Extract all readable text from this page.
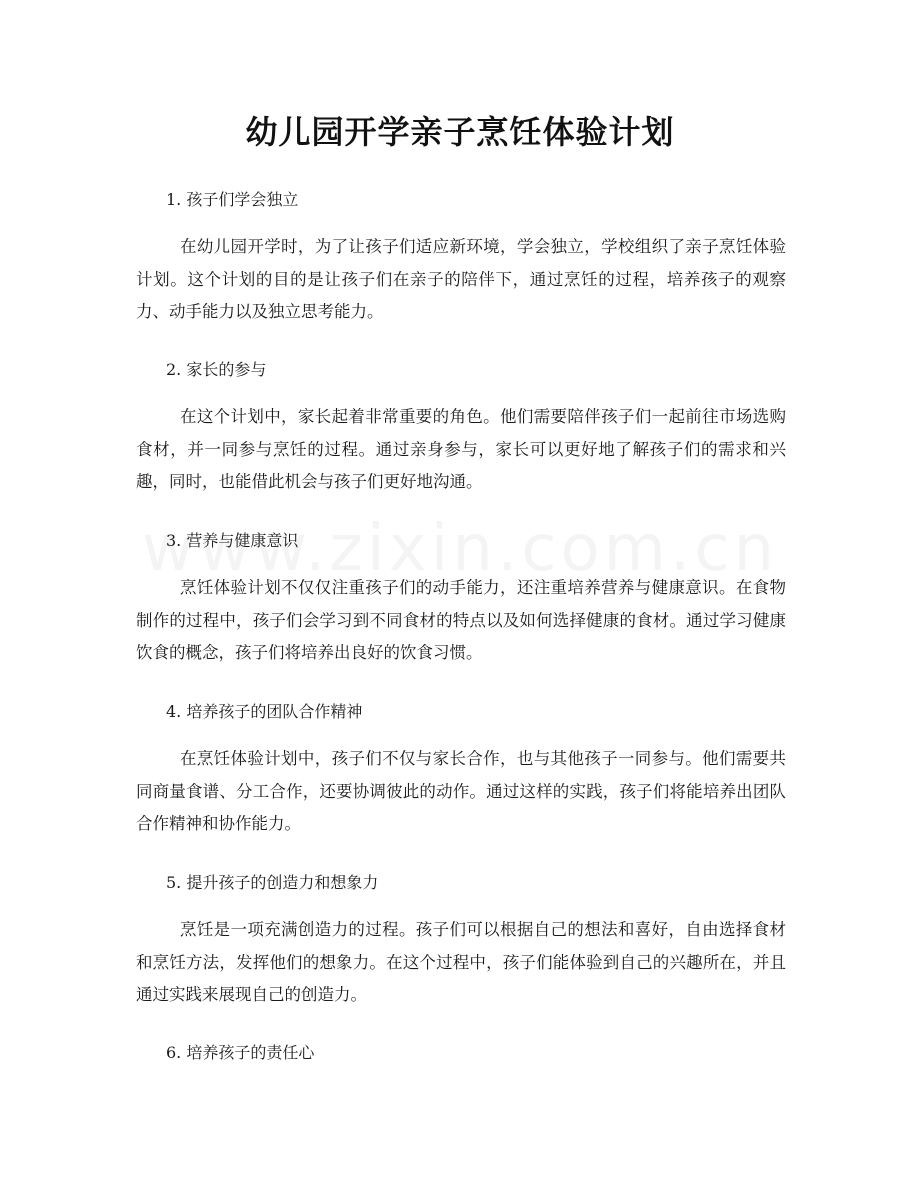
幼儿园开学亲子烹饪体验计划
1. 孩子们学会独立

在幼儿园开学时，为了让孩子们适应新环境，学会独立，学校组织了亲子烹饪体验计划。这个计划的目的是让孩子们在亲子的陪伴下，通过烹饪的过程，培养孩子的观察力、动手能力以及独立思考能力。

2. 家长的参与

在这个计划中，家长起着非常重要的角色。他们需要陪伴孩子们一起前往市场选购食材，并一同参与烹饪的过程。通过亲身参与，家长可以更好地了解孩子们的需求和兴趣，同时，也能借此机会与孩子们更好地沟通。

3. 营养与健康意识

烹饪体验计划不仅仅注重孩子们的动手能力，还注重培养营养与健康意识。在食物制作的过程中，孩子们会学习到不同食材的特点以及如何选择健康的食材。通过学习健康饮食的概念，孩子们将培养出良好的饮食习惯。

4. 培养孩子的团队合作精神

在烹饪体验计划中，孩子们不仅与家长合作，也与其他孩子一同参与。他们需要共同商量食谱、分工合作，还要协调彼此的动作。通过这样的实践，孩子们将能培养出团队合作精神和协作能力。

5. 提升孩子的创造力和想象力

烹饪是一项充满创造力的过程。孩子们可以根据自己的想法和喜好，自由选择食材和烹饪方法，发挥他们的想象力。在这个过程中，孩子们能体验到自己的兴趣所在，并且通过实践来展现自己的创造力。

6. 培养孩子的责任心
